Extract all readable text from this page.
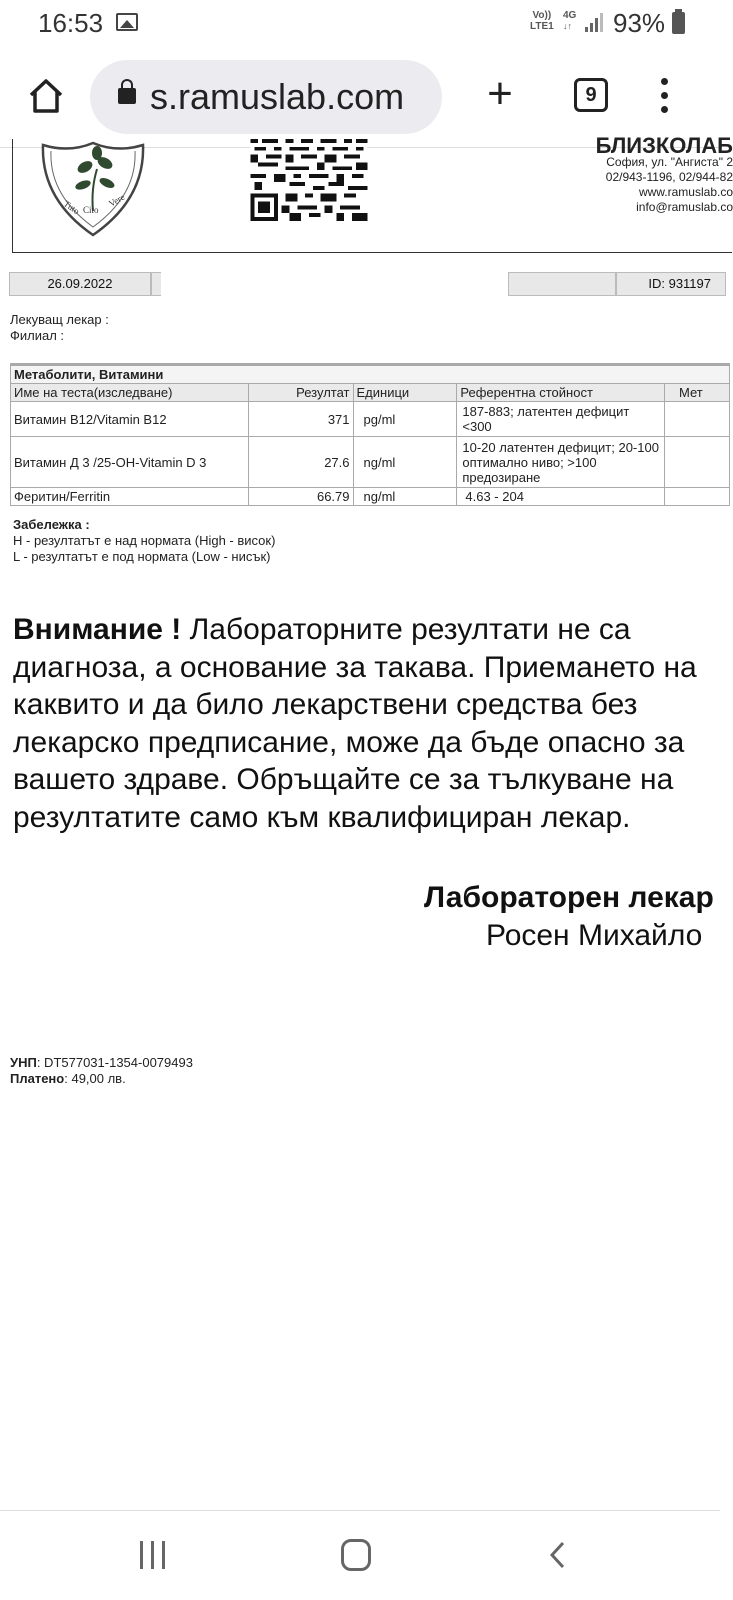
16:53	Vo))
LTE1
4G
↓↑ 93%
s.ramuslab.com +	9
Tuto Cito
Vere
БЛИЗКОЛАБ
София, ул. "Ангиста" 2
02/943-1196, 02/944-82
www.ramuslab.co
info@ramuslab.co
26.09.2022	ID: 931197
Лекуващ лекар :
Филиал :
Метаболити, Витамини				
Име на теста(изследване)	Резултат	Единици	Референтна стойност	Мет
Витамин B12/Vitamin B12	371	pg/ml	187-883; латентен дефицит <300	
Витамин Д 3 /25-OH-Vitamin D 3	27.6	ng/ml	10-20 латентен дефицит; 20-100 оптимално ниво; >100 предозиране	
Феритин/Ferritin	66.79	ng/ml	4.63 - 204	
Забележка :
H - резултатът е над нормата (High - висок)
L - резултатът е под нормата (Low - нисък)
Внимание ! Лабораторните резултати не са диагноза, а основание за такава. Приемането на каквито и да било лекарствени средства без лекарско предписание, може да бъде опасно за вашето здраве. Обръщайте се за тълкуване на резултатите само към квалифициран лекар.
Лабораторен лекар
Росен Михайло
УНП: DT577031-1354-0079493
Платено: 49,00 лв.
